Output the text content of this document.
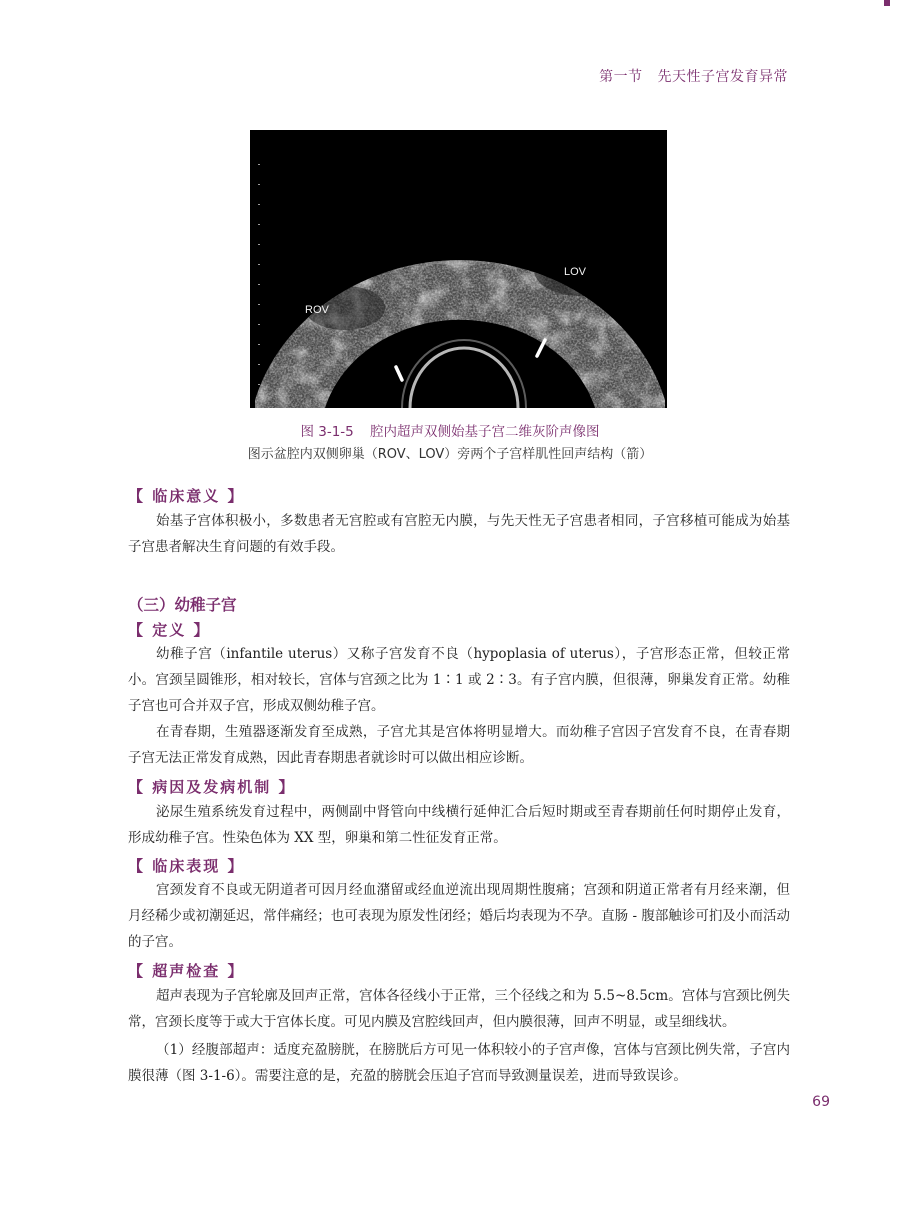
第一节 先天性子宫发育异常
ROV
LOV
图 3-1-5 腔内超声双侧始基子宫二维灰阶声像图
图示盆腔内双侧卵巢（ROV、LOV）旁两个子宫样肌性回声结构（箭）
【 临床意义 】

始基子宫体积极小，多数患者无宫腔或有宫腔无内膜，与先天性无子宫患者相同，子宫移植可能成为始基子宫患者解决生育问题的有效手段。

（三）幼稚子宫
【 定义 】

幼稚子宫（infantile uterus）又称子宫发育不良（hypoplasia of uterus），子宫形态正常，但较正常小。宫颈呈圆锥形，相对较长，宫体与宫颈之比为 1∶1 或 2∶3。有子宫内膜，但很薄，卵巢发育正常。幼稚子宫也可合并双子宫，形成双侧幼稚子宫。

在青春期，生殖器逐渐发育至成熟，子宫尤其是宫体将明显增大。而幼稚子宫因子宫发育不良，在青春期子宫无法正常发育成熟，因此青春期患者就诊时可以做出相应诊断。

【 病因及发病机制 】

泌尿生殖系统发育过程中，两侧副中肾管向中线横行延伸汇合后短时期或至青春期前任何时期停止发育，形成幼稚子宫。性染色体为 XX 型，卵巢和第二性征发育正常。

【 临床表现 】

宫颈发育不良或无阴道者可因月经血潴留或经血逆流出现周期性腹痛；宫颈和阴道正常者有月经来潮，但月经稀少或初潮延迟，常伴痛经；也可表现为原发性闭经；婚后均表现为不孕。直肠 - 腹部触诊可扪及小而活动的子宫。

【 超声检查 】

超声表现为子宫轮廓及回声正常，宫体各径线小于正常，三个径线之和为 5.5~8.5cm。宫体与宫颈比例失常，宫颈长度等于或大于宫体长度。可见内膜及宫腔线回声，但内膜很薄，回声不明显，或呈细线状。

（1）经腹部超声：适度充盈膀胱，在膀胱后方可见一体积较小的子宫声像，宫体与宫颈比例失常，子宫内膜很薄（图 3-1-6）。需要注意的是，充盈的膀胱会压迫子宫而导致测量误差，进而导致误诊。

69
